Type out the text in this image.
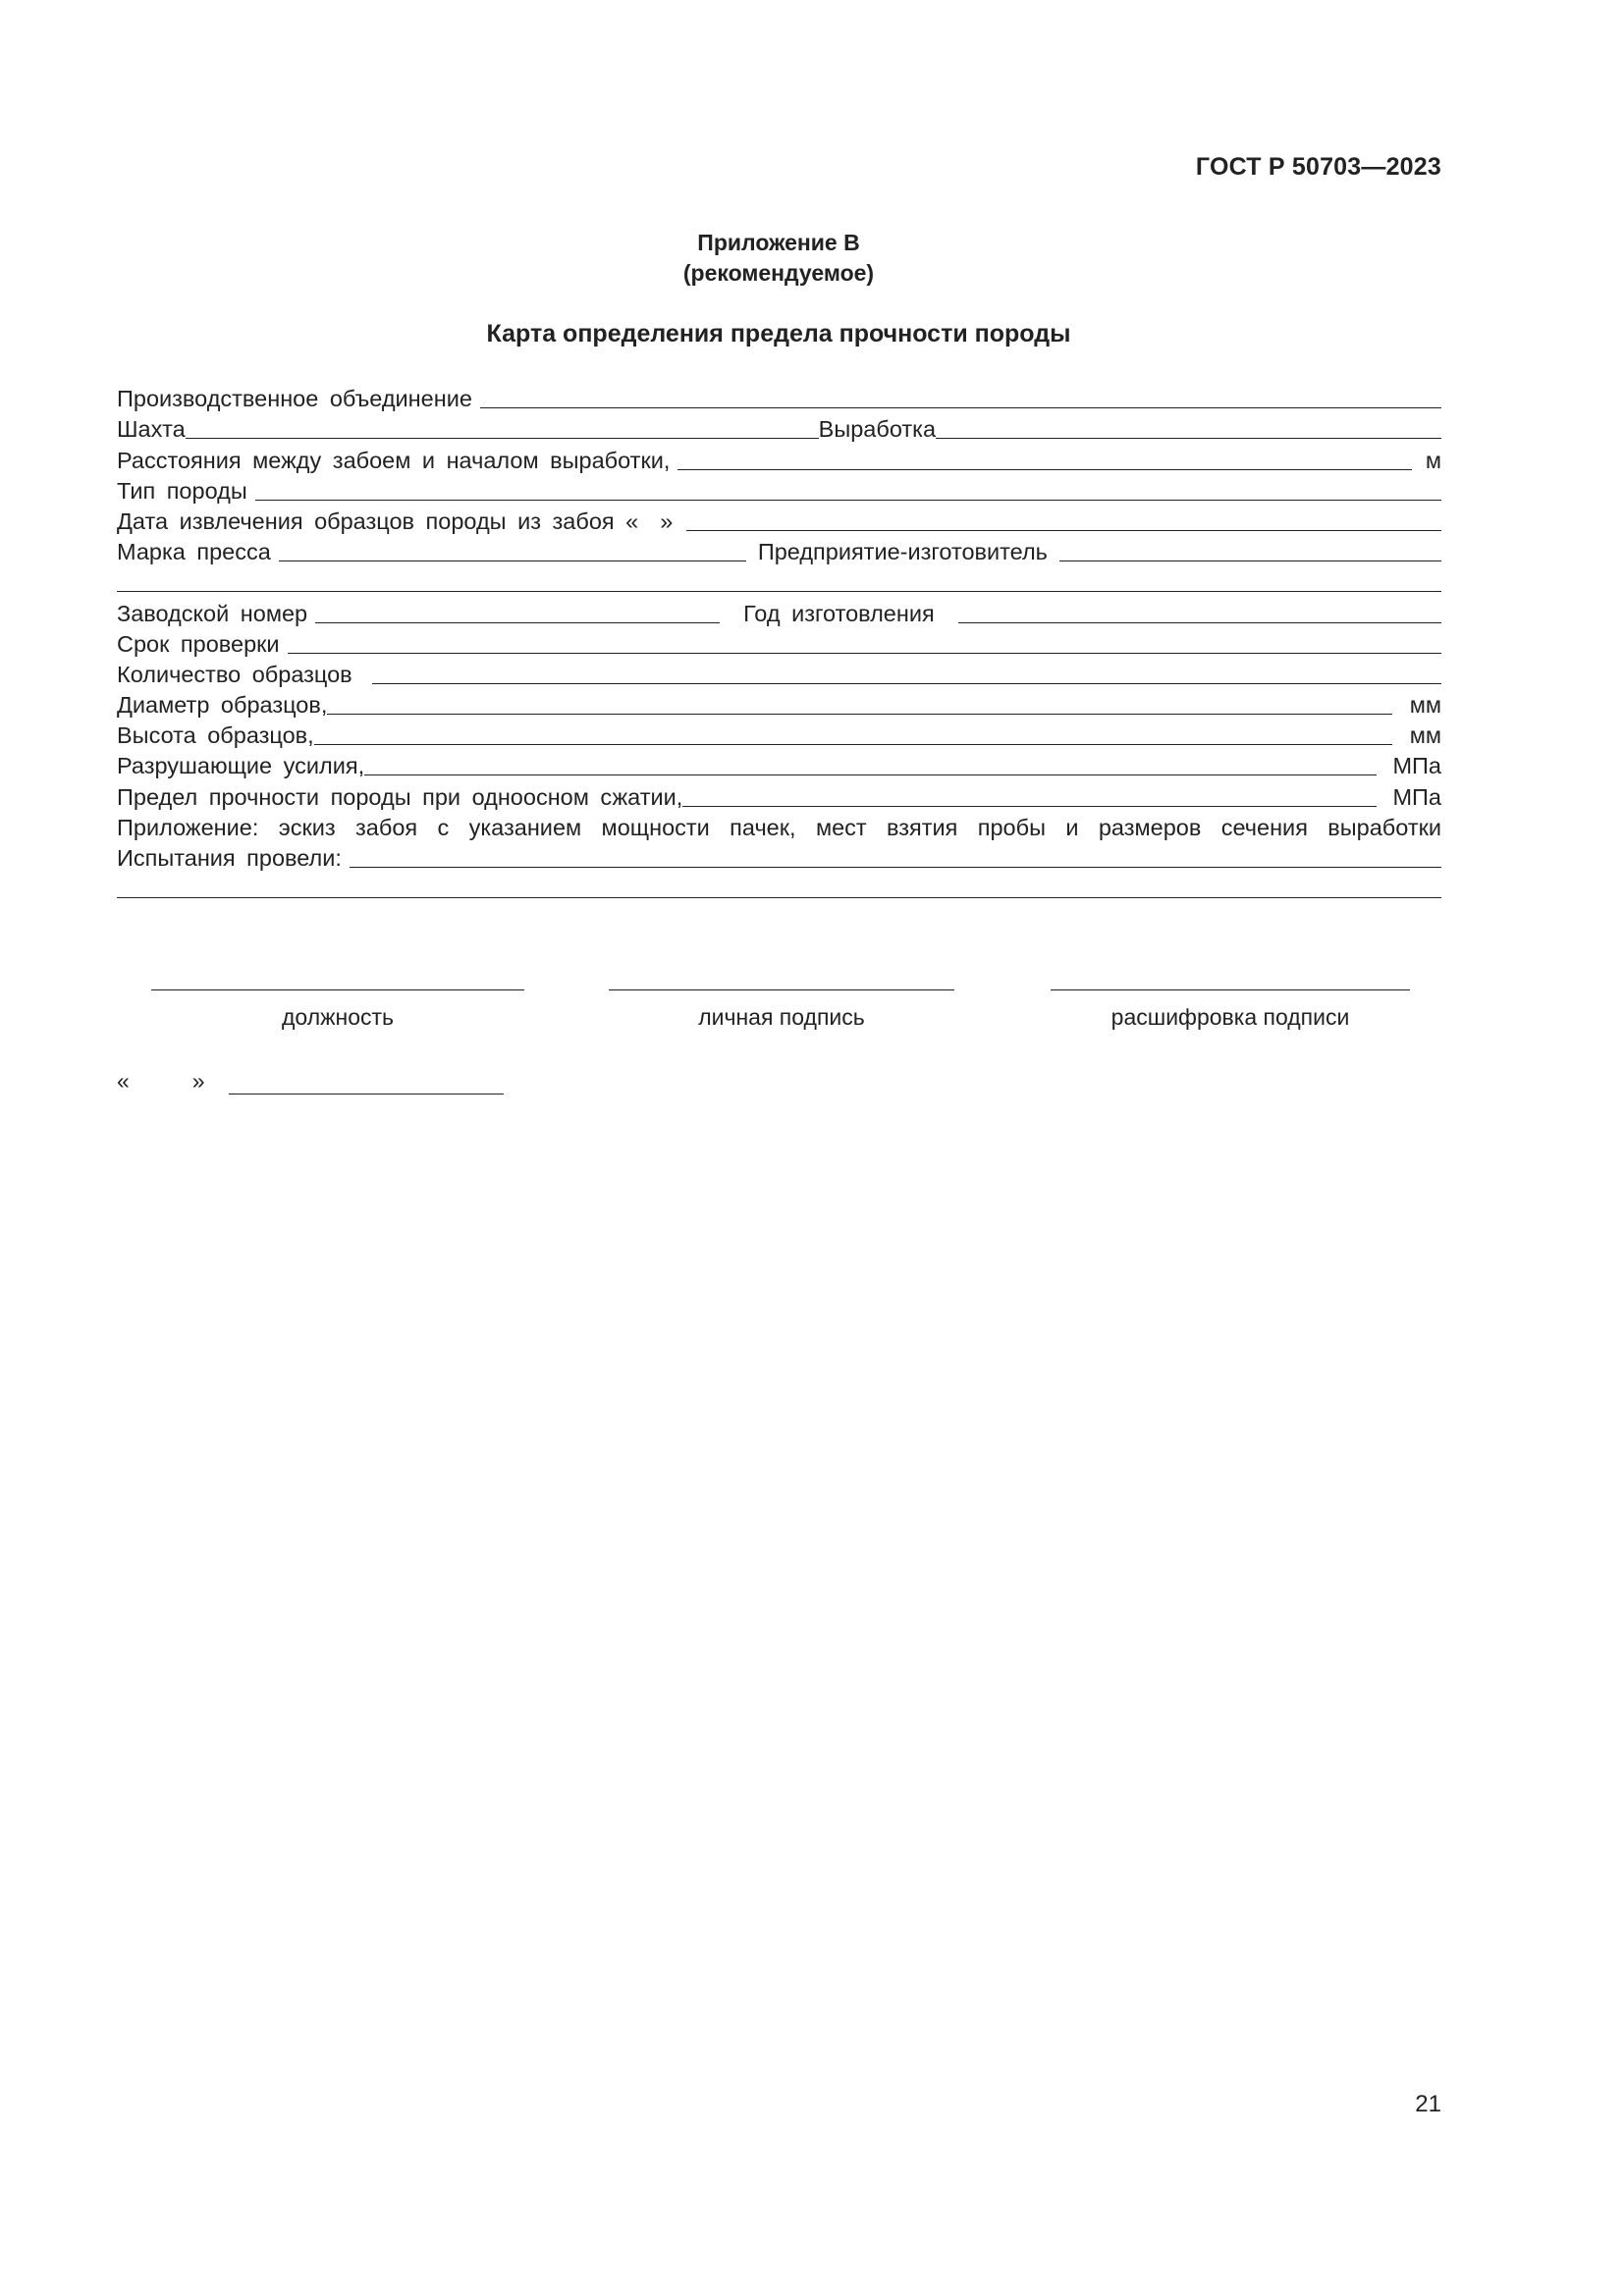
ГОСТ Р 50703—2023
Приложение В
(рекомендуемое)
Карта определения предела прочности породы
Производственное объединение
Шахта	Выработка
Расстояния между забоем и началом выработки,	м
Тип породы
Дата извлечения образцов породы из забоя « »
Марка пресса	Предприятие-изготовитель
Заводской номер	Год изготовления
Срок проверки
Количество образцов
Диаметр образцов,	мм
Высота образцов,	мм
Разрушающие усилия,	МПа
Предел прочности породы при одноосном сжатии,	МПа
Приложение: эскиз забоя с указанием мощности пачек, мест взятия пробы и размеров сечения выработки
Испытания провели:
должность	личная подпись	расшифровка подписи
«	»
21
